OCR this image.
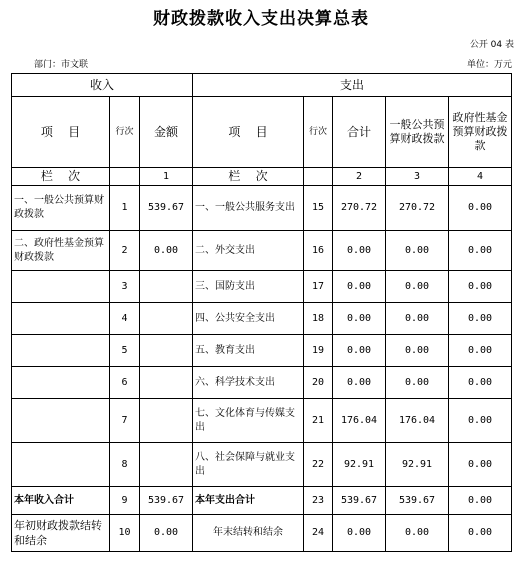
财政拨款收入支出决算总表
公开 04 表
部门：市文联	单位：万元
收入			支出				
项    目	行次	金额	项    目	行次	合计	一般公共预算财政拨款	政府性基金预算财政拨款
栏    次		1	栏    次		2	3	4
一、一般公共预算财政拨款	1	539.67	一、一般公共服务支出	15	270.72	270.72	0.00
二、政府性基金预算财政拨款	2	0.00	二、外交支出	16	0.00	0.00	0.00
	3		三、国防支出	17	0.00	0.00	0.00
	4		四、公共安全支出	18	0.00	0.00	0.00
	5		五、教育支出	19	0.00	0.00	0.00
	6		六、科学技术支出	20	0.00	0.00	0.00
	7		七、文化体育与传媒支出	21	176.04	176.04	0.00
	8		八、社会保障与就业支出	22	92.91	92.91	0.00
本年收入合计	9	539.67	本年支出合计	23	539.67	539.67	0.00
年初财政拨款结转和结余	10	0.00	年末结转和结余	24	0.00	0.00	0.00
